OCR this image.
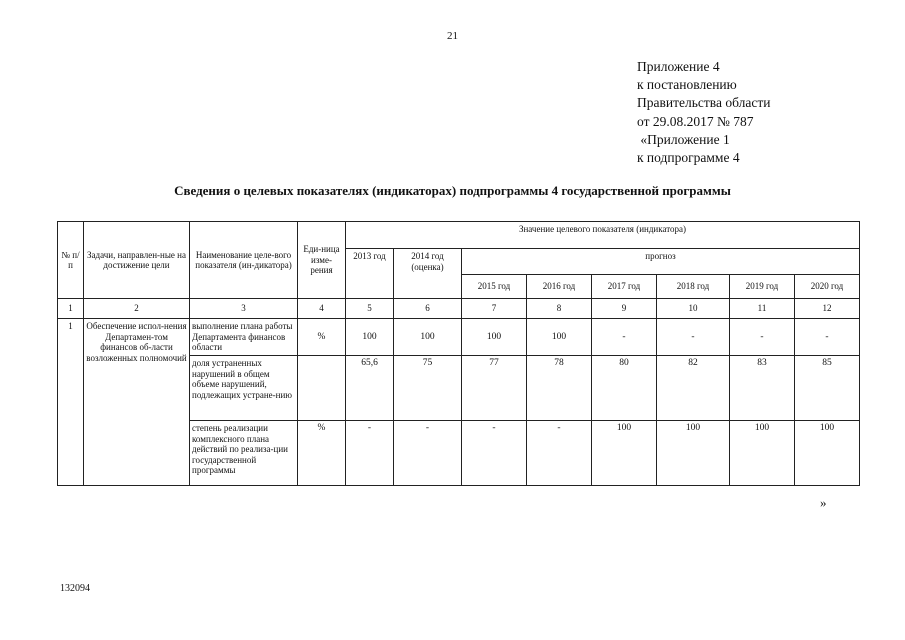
21
Приложение 4
к постановлению
Правительства области
от 29.08.2017 № 787
«Приложение 1
к подпрограмме 4
Сведения о целевых показателях (индикаторах) подпрограммы 4 государственной программы
№ п/п	Задачи, направлен-ные на достижение цели	Наименование целе-вого показателя (ин-дикатора)	Еди-ница изме-рения	Значение целевого показателя (индикатора)							
				2013 год	2014 год (оценка)	прогноз					
						2015 год	2016 год	2017 год	2018 год	2019 год	2020 год
1	2	3	4	5	6	7	8	9	10	11	12
1	Обеспечение испол-нения Департамен-том финансов об-ласти возложенных полномочий	выполнение плана работы Департамента финансов области	%	100	100	100	100	-	-	-	-
		доля устраненных нарушений в общем объеме нарушений, подлежащих устране-нию		65,6	75	77	78	80	82	83	85
		степень реализации комплексного плана действий по реализа-ции государственной программы	%	-	-	-	-	100	100	100	100
»
132094
